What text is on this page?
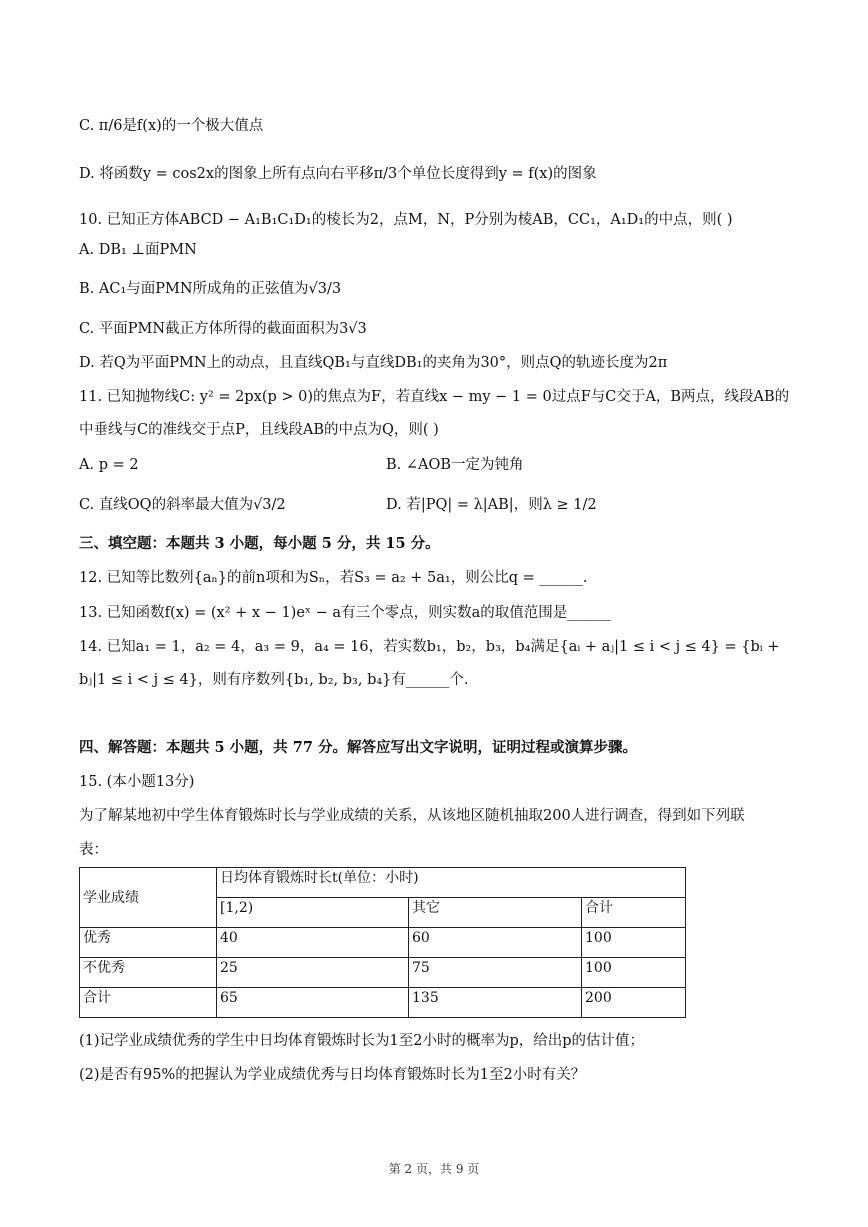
C. π/6是f(x)的一个极大值点
D. 将函数y = cos2x的图象上所有点向右平移π/3个单位长度得到y = f(x)的图象
10. 已知正方体ABCD − A₁B₁C₁D₁的棱长为2，点M，N，P分别为棱AB，CC₁，A₁D₁的中点，则( )
A. DB₁ ⊥面PMN
B. AC₁与面PMN所成角的正弦值为√3/3
C. 平面PMN截正方体所得的截面面积为3√3
D. 若Q为平面PMN上的动点，且直线QB₁与直线DB₁的夹角为30°，则点Q的轨迹长度为2π
11. 已知抛物线C: y² = 2px(p > 0)的焦点为F，若直线x − my − 1 = 0过点F与C交于A，B两点，线段AB的
中垂线与C的准线交于点P，且线段AB的中点为Q，则( )
A. p = 2	B. ∠AOB一定为钝角
C. 直线OQ的斜率最大值为√3/2	D. 若|PQ| = λ|AB|，则λ ≥ 1/2
三、填空题：本题共 3 小题，每小题 5 分，共 15 分。
12. 已知等比数列{aₙ}的前n项和为Sₙ，若S₃ = a₂ + 5a₁，则公比q = ______.
13. 已知函数f(x) = (x² + x − 1)eˣ − a有三个零点，则实数a的取值范围是______
14. 已知a₁ = 1，a₂ = 4，a₃ = 9，a₄ = 16，若实数b₁，b₂，b₃，b₄满足{aᵢ + aⱼ|1 ≤ i < j ≤ 4} = {bᵢ +
bⱼ|1 ≤ i < j ≤ 4}，则有序数列{b₁, b₂, b₃, b₄}有______个.
四、解答题：本题共 5 小题，共 77 分。解答应写出文字说明，证明过程或演算步骤。
15. (本小题13分)
为了解某地初中学生体育锻炼时长与学业成绩的关系，从该地区随机抽取200人进行调查，得到如下列联
表：
学业成绩	日均体育锻炼时长t(单位：小时)		
	[1,2)	其它	合计
优秀	40	60	100
不优秀	25	75	100
合计	65	135	200
(1)记学业成绩优秀的学生中日均体育锻炼时长为1至2小时的概率为p，给出p的估计值；
(2)是否有95%的把握认为学业成绩优秀与日均体育锻炼时长为1至2小时有关？
第 2 页，共 9 页
